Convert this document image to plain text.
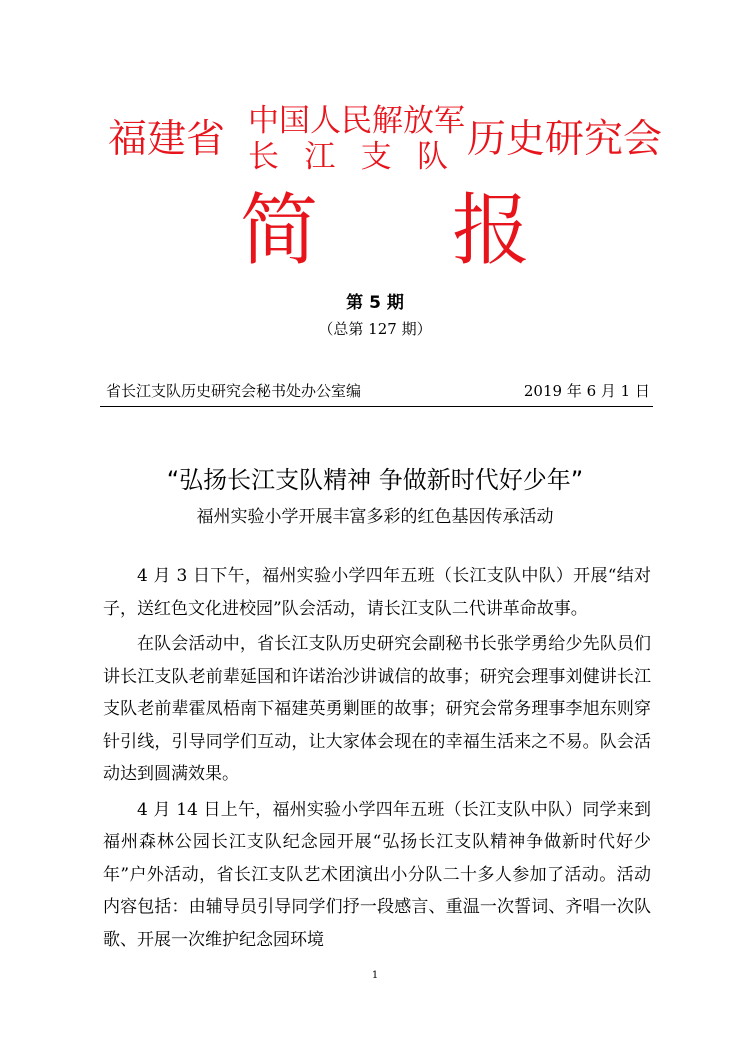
福建省 中国人民解放军
长 江 支 队 历史研究会
简 报
第 5 期
（总第 127 期）
省长江支队历史研究会秘书处办公室编	2019 年 6 月 1 日
“弘扬长江支队精神 争做新时代好少年”
福州实验小学开展丰富多彩的红色基因传承活动

4 月 3 日下午，福州实验小学四年五班（长江支队中队）开展“结对子，送红色文化进校园”队会活动，请长江支队二代讲革命故事。

在队会活动中，省长江支队历史研究会副秘书长张学勇给少先队员们讲长江支队老前辈延国和许诺治沙讲诚信的故事；研究会理事刘健讲长江支队老前辈霍凤梧南下福建英勇剿匪的故事；研究会常务理事李旭东则穿针引线，引导同学们互动，让大家体会现在的幸福生活来之不易。队会活动达到圆满效果。

4 月 14 日上午，福州实验小学四年五班（长江支队中队）同学来到福州森林公园长江支队纪念园开展“弘扬长江支队精神争做新时代好少年”户外活动，省长江支队艺术团演出小分队二十多人参加了活动。活动内容包括：由辅导员引导同学们抒一段感言、重温一次誓词、齐唱一次队歌、开展一次维护纪念园环境

1
